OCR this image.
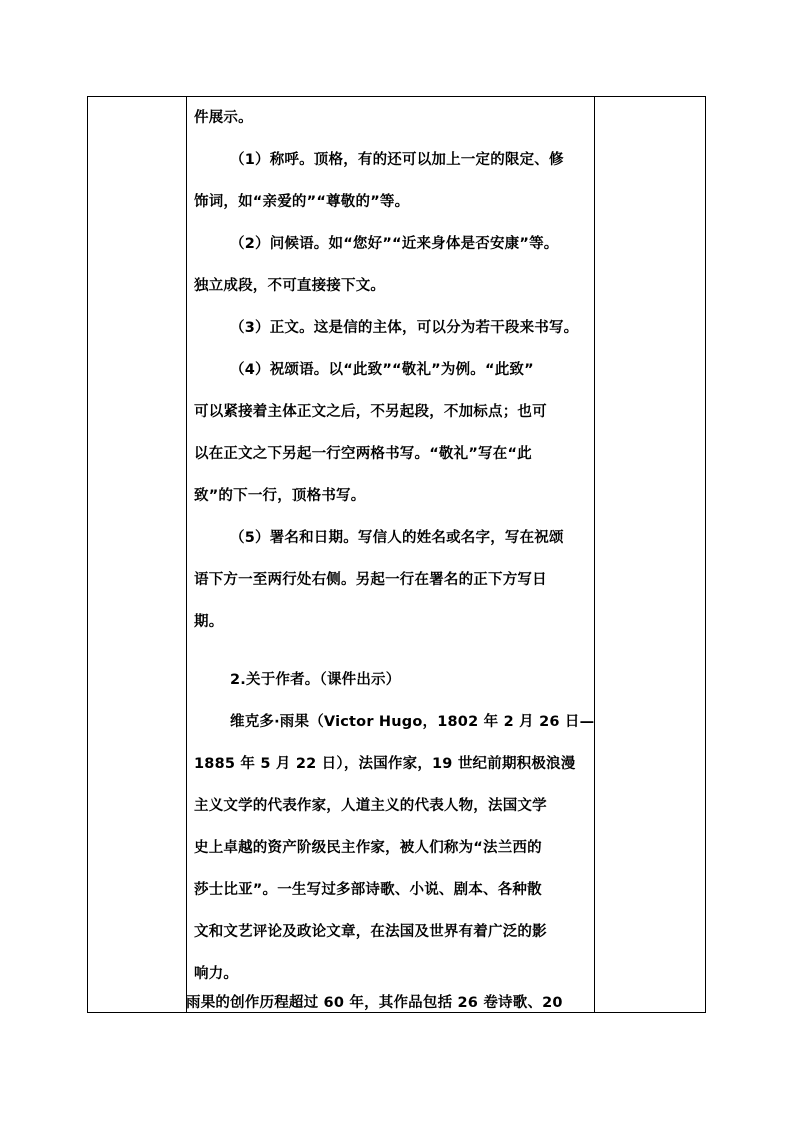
件展示。
（1）称呼。顶格，有的还可以加上一定的限定、修
饰词，如“亲爱的”“尊敬的”等。
（2）问候语。如“您好”“近来身体是否安康”等。
独立成段，不可直接接下文。
（3）正文。这是信的主体，可以分为若干段来书写。
（4）祝颂语。以“此致”“敬礼”为例。“此致”
可以紧接着主体正文之后，不另起段，不加标点；也可
以在正文之下另起一行空两格书写。“敬礼”写在“此
致”的下一行，顶格书写。
（5）署名和日期。写信人的姓名或名字，写在祝颂
语下方一至两行处右侧。另起一行在署名的正下方写日
期。
2.关于作者。（课件出示）
维克多·雨果（Victor Hugo，1802 年 2 月 26 日—
1885 年 5 月 22 日），法国作家，19 世纪前期积极浪漫
主义文学的代表作家，人道主义的代表人物，法国文学
史上卓越的资产阶级民主作家，被人们称为“法兰西的
莎士比亚”。一生写过多部诗歌、小说、剧本、各种散
文和文艺评论及政论文章，在法国及世界有着广泛的影
响力。
雨果的创作历程超过 60 年，其作品包括 26 卷诗歌、20
